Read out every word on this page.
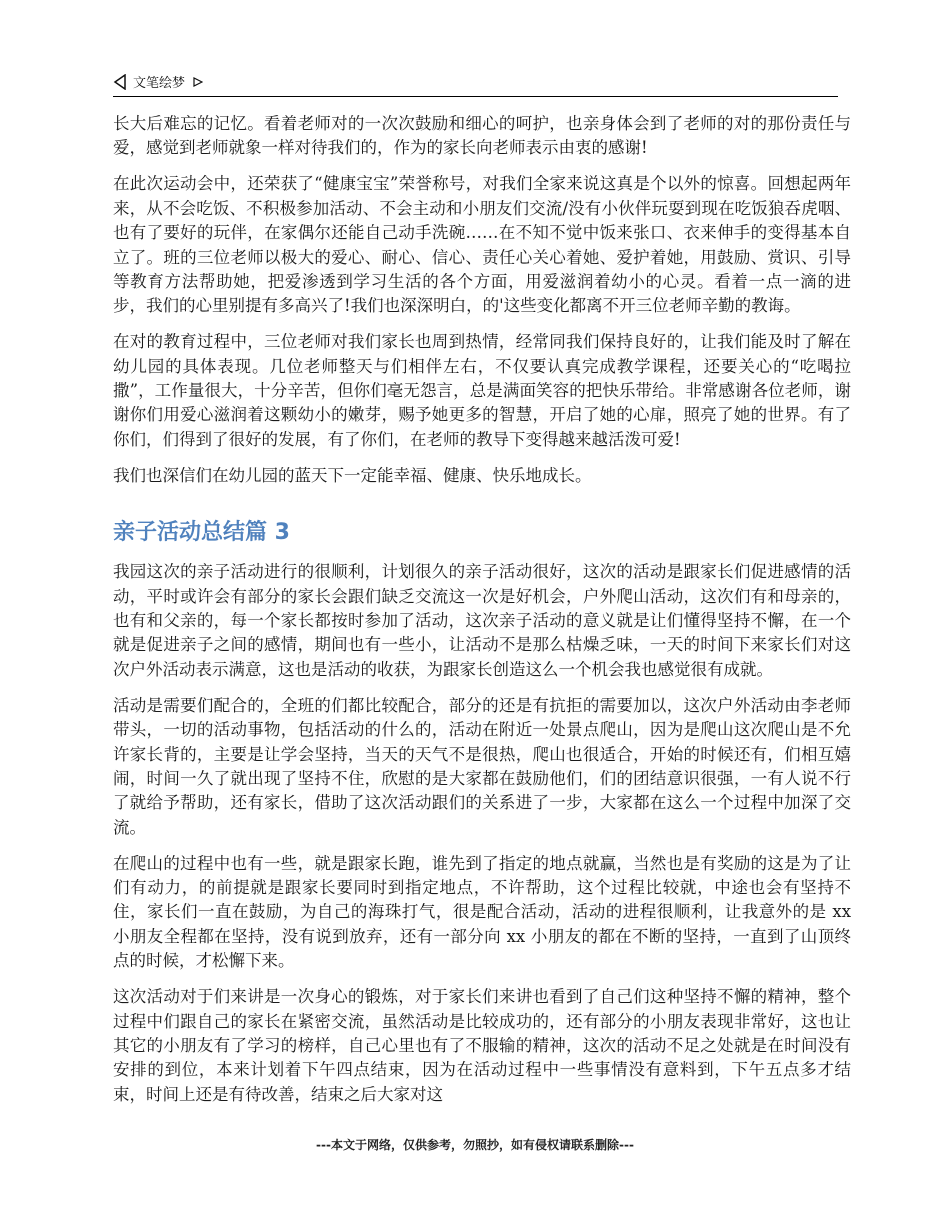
文笔绘梦

长大后难忘的记忆。看着老师对的一次次鼓励和细心的呵护，也亲身体会到了老师的对的那份责任与爱，感觉到老师就象一样对待我们的，作为的家长向老师表示由衷的感谢!

在此次运动会中，还荣获了“健康宝宝”荣誉称号，对我们全家来说这真是个以外的惊喜。回想起两年来，从不会吃饭、不积极参加活动、不会主动和小朋友们交流/没有小伙伴玩耍到现在吃饭狼吞虎咽、也有了要好的玩伴，在家偶尔还能自己动手洗碗……在不知不觉中饭来张口、衣来伸手的变得基本自立了。班的三位老师以极大的爱心、耐心、信心、责任心关心着她、爱护着她，用鼓励、赏识、引导等教育方法帮助她，把爱渗透到学习生活的各个方面，用爱滋润着幼小的心灵。看着一点一滴的进步，我们的心里别提有多高兴了!我们也深深明白，的'这些变化都离不开三位老师辛勤的教诲。

在对的教育过程中，三位老师对我们家长也周到热情，经常同我们保持良好的，让我们能及时了解在幼儿园的具体表现。几位老师整天与们相伴左右，不仅要认真完成教学课程，还要关心的“吃喝拉撒”，工作量很大，十分辛苦，但你们毫无怨言，总是满面笑容的把快乐带给。非常感谢各位老师，谢谢你们用爱心滋润着这颗幼小的嫩芽，赐予她更多的智慧，开启了她的心扉，照亮了她的世界。有了你们，们得到了很好的发展，有了你们，在老师的教导下变得越来越活泼可爱!

我们也深信们在幼儿园的蓝天下一定能幸福、健康、快乐地成长。

亲子活动总结篇 3

我园这次的亲子活动进行的很顺利，计划很久的亲子活动很好，这次的活动是跟家长们促进感情的活动，平时或许会有部分的家长会跟们缺乏交流这一次是好机会，户外爬山活动，这次们有和母亲的，也有和父亲的，每一个家长都按时参加了活动，这次亲子活动的意义就是让们懂得坚持不懈，在一个就是促进亲子之间的感情，期间也有一些小，让活动不是那么枯燥乏味，一天的时间下来家长们对这次户外活动表示满意，这也是活动的收获，为跟家长创造这么一个机会我也感觉很有成就。

活动是需要们配合的，全班的们都比较配合，部分的还是有抗拒的需要加以，这次户外活动由李老师带头，一切的活动事物，包括活动的什么的，活动在附近一处景点爬山，因为是爬山这次爬山是不允许家长背的，主要是让学会坚持，当天的天气不是很热，爬山也很适合，开始的时候还有，们相互嬉闹，时间一久了就出现了坚持不住，欣慰的是大家都在鼓励他们，们的团结意识很强，一有人说不行了就给予帮助，还有家长，借助了这次活动跟们的关系进了一步，大家都在这么一个过程中加深了交流。

在爬山的过程中也有一些，就是跟家长跑，谁先到了指定的地点就赢，当然也是有奖励的这是为了让们有动力，的前提就是跟家长要同时到指定地点，不许帮助，这个过程比较就，中途也会有坚持不住，家长们一直在鼓励，为自己的海珠打气，很是配合活动，活动的进程很顺利，让我意外的是 xx 小朋友全程都在坚持，没有说到放弃，还有一部分向 xx 小朋友的都在不断的坚持，一直到了山顶终点的时候，才松懈下来。

这次活动对于们来讲是一次身心的锻炼，对于家长们来讲也看到了自己们这种坚持不懈的精神，整个过程中们跟自己的家长在紧密交流，虽然活动是比较成功的，还有部分的小朋友表现非常好，这也让其它的小朋友有了学习的榜样，自己心里也有了不服输的精神，这次的活动不足之处就是在时间没有安排的到位，本来计划着下午四点结束，因为在活动过程中一些事情没有意料到，下午五点多才结束，时间上还是有待改善，结束之后大家对这

---本文于网络，仅供参考，勿照抄，如有侵权请联系删除---
